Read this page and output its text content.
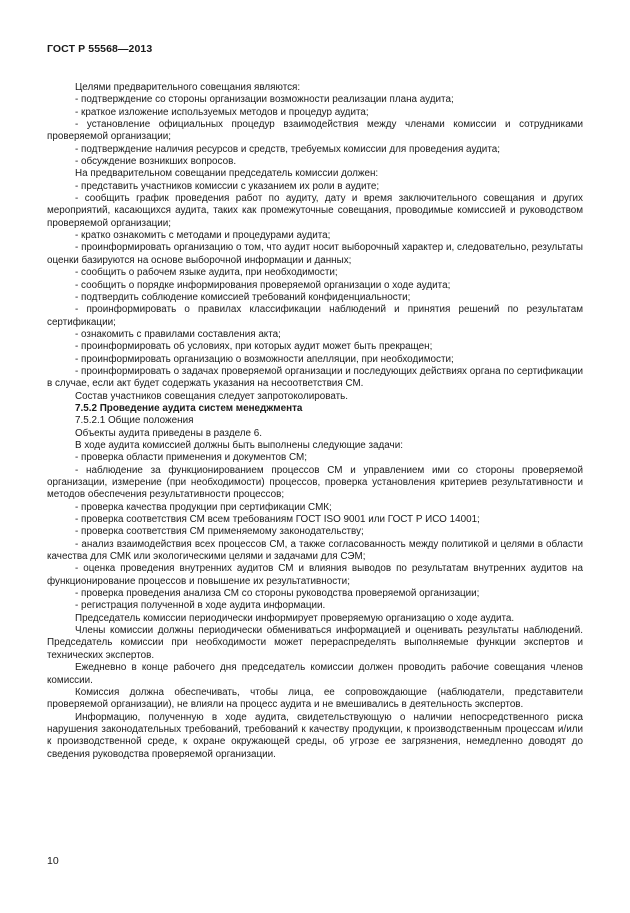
ГОСТ Р 55568—2013

Целями предварительного совещания являются:

- подтверждение со стороны организации возможности реализации плана аудита;

- краткое изложение используемых методов и процедур аудита;

- установление официальных процедур взаимодействия между членами комиссии и сотрудниками проверяемой организации;

- подтверждение наличия ресурсов и средств, требуемых комиссии для проведения аудита;

- обсуждение возникших вопросов.

На предварительном совещании председатель комиссии должен:

- представить участников комиссии с указанием их роли в аудите;

- сообщить график проведения работ по аудиту, дату и время заключительного совещания и других мероприятий, касающихся аудита, таких как промежуточные совещания, проводимые комиссией и руководством проверяемой организации;

- кратко ознакомить с методами и процедурами аудита;

- проинформировать организацию о том, что аудит носит выборочный характер и, следовательно, результаты оценки базируются на основе выборочной информации и данных;

- сообщить о рабочем языке аудита, при необходимости;

- сообщить о порядке информирования проверяемой организации о ходе аудита;

- подтвердить соблюдение комиссией требований конфиденциальности;

- проинформировать о правилах классификации наблюдений и принятия решений по результатам сертификации;

- ознакомить с правилами составления акта;

- проинформировать об условиях, при которых аудит может быть прекращен;

- проинформировать организацию о возможности апелляции, при необходимости;

- проинформировать о задачах проверяемой организации и последующих действиях органа по сертификации в случае, если акт будет содержать указания на несоответствия СМ.

Состав участников совещания следует запротоколировать.

7.5.2 Проведение аудита систем менеджмента

7.5.2.1 Общие положения

Объекты аудита приведены в разделе 6.

В ходе аудита комиссией должны быть выполнены следующие задачи:

- проверка области применения и документов СМ;

- наблюдение за функционированием процессов СМ и управлением ими со стороны проверяемой организации, измерение (при необходимости) процессов, проверка установления критериев результативности и методов обеспечения результативности процессов;

- проверка качества продукции при сертификации СМК;

- проверка соответствия СМ всем требованиям ГОСТ ISO 9001 или ГОСТ Р ИСО 14001;

- проверка соответствия СМ применяемому законодательству;

- анализ взаимодействия всех процессов СМ, а также согласованность между политикой и целями в области качества для СМК или экологическими целями и задачами для СЭМ;

- оценка проведения внутренних аудитов СМ и влияния выводов по результатам внутренних аудитов на функционирование процессов и повышение их результативности;

- проверка проведения анализа СМ со стороны руководства проверяемой организации;

- регистрация полученной в ходе аудита информации.

Председатель комиссии периодически информирует проверяемую организацию о ходе аудита.

Члены комиссии должны периодически обмениваться информацией и оценивать результаты наблюдений. Председатель комиссии при необходимости может перераспределять выполняемые функции экспертов и технических экспертов.

Ежедневно в конце рабочего дня председатель комиссии должен проводить рабочие совещания членов комиссии.

Комиссия должна обеспечивать, чтобы лица, ее сопровождающие (наблюдатели, представители проверяемой организации), не влияли на процесс аудита и не вмешивались в деятельность экспертов.

Информацию, полученную в ходе аудита, свидетельствующую о наличии непосредственного риска нарушения законодательных требований, требований к качеству продукции, к производственным процессам и/или к производственной среде, к охране окружающей среды, об угрозе ее загрязнения, немедленно доводят до сведения руководства проверяемой организации.

10
